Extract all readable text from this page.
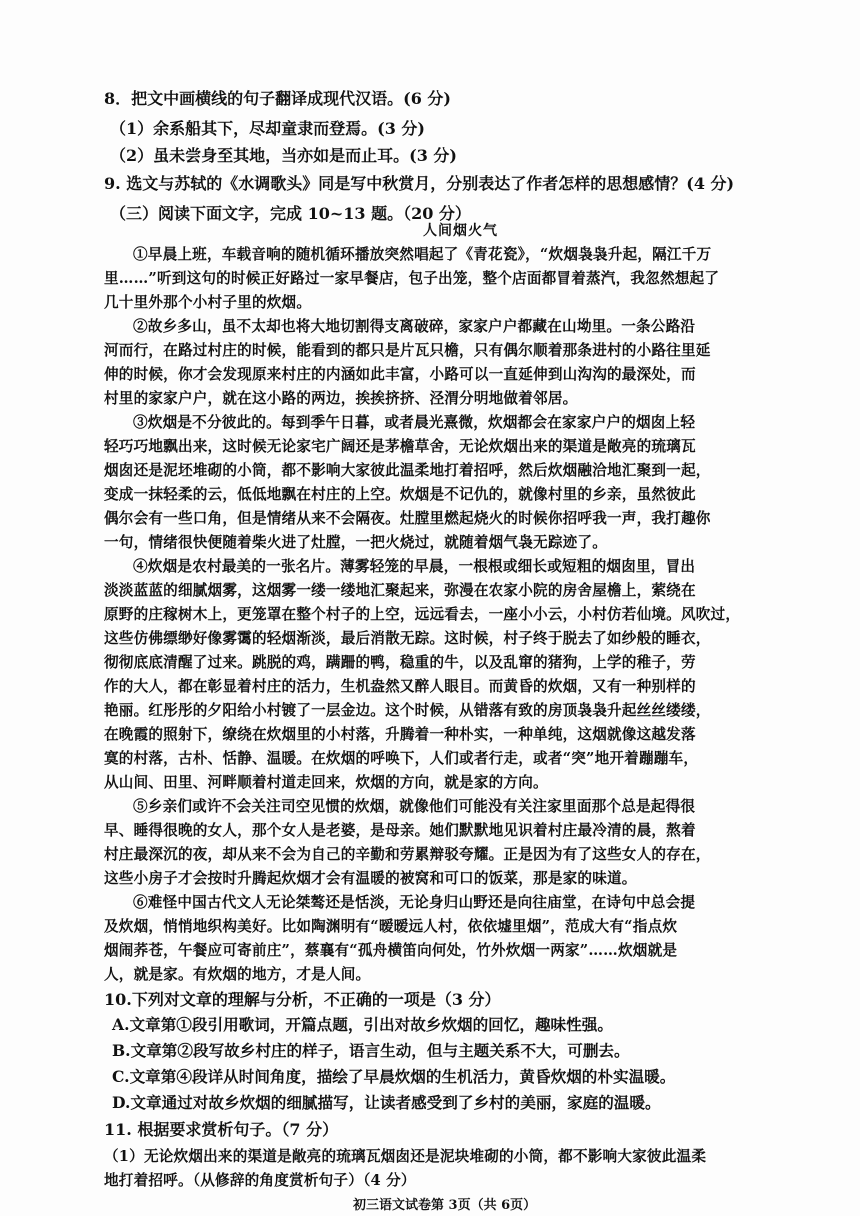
8．把文中画横线的句子翻译成现代汉语。(6 分)
（1）余系船其下，尽却童隶而登焉。(3 分)
（2）虽未尝身至其地，当亦如是而止耳。(3 分)
9. 选文与苏轼的《水调歌头》同是写中秋赏月，分别表达了作者怎样的思想感情？(4 分)
（三）阅读下面文字，完成 10~13 题。（20 分）
人间烟火气
①早晨上班，车载音响的随机循环播放突然唱起了《青花瓷》，“炊烟袅袅升起，隔江千万
里……”听到这句的时候正好路过一家早餐店，包子出笼，整个店面都冒着蒸汽，我忽然想起了
几十里外那个小村子里的炊烟。
②故乡多山，虽不太却也将大地切割得支离破碎，家家户户都藏在山坳里。一条公路沿
河而行，在路过村庄的时候，能看到的都只是片瓦只檐，只有偶尔顺着那条进村的小路往里延
伸的时候，你才会发现原来村庄的内涵如此丰富，小路可以一直延伸到山沟沟的最深处，而
村里的家家户户，就在这小路的两边，挨挨挤挤、泾渭分明地做着邻居。
③炊烟是不分彼此的。每到季午日暮，或者晨光熹微，炊烟都会在家家户户的烟囱上轻
轻巧巧地飘出来，这时候无论家宅广阔还是茅檐草舍，无论炊烟出来的渠道是敞亮的琉璃瓦
烟囱还是泥坯堆砌的小筒，都不影响大家彼此温柔地打着招呼，然后炊烟融洽地汇聚到一起，
变成一抹轻柔的云，低低地飘在村庄的上空。炊烟是不记仇的，就像村里的乡亲，虽然彼此
偶尔会有一些口角，但是情绪从来不会隔夜。灶膛里燃起烧火的时候你招呼我一声，我打趣你
一句，情绪很快便随着柴火进了灶膛，一把火烧过，就随着烟气袅无踪迹了。
④炊烟是农村最美的一张名片。薄雾轻笼的早晨，一根根或细长或短粗的烟囱里，冒出
淡淡蓝蓝的细腻烟雾，这烟雾一缕一缕地汇聚起来，弥漫在农家小院的房舍屋檐上，萦绕在
原野的庄稼树木上，更笼罩在整个村子的上空，远远看去，一座小小云，小村仿若仙境。风吹过，
这些仿佛缥缈好像雾霭的轻烟渐淡，最后消散无踪。这时候，村子终于脱去了如纱般的睡衣，
彻彻底底清醒了过来。跳脱的鸡，蹒跚的鸭，稳重的牛，以及乱窜的猪狗，上学的稚子，劳
作的大人，都在彰显着村庄的活力，生机盎然又醉人眼目。而黄昏的炊烟，又有一种别样的
艳丽。红彤彤的夕阳给小村镀了一层金边。这个时候，从错落有致的房顶袅袅升起丝丝缕缕，
在晚霞的照射下，缭绕在炊烟里的小村落，升腾着一种朴实，一种单纯，这烟就像这越发落
寞的村落，古朴、恬静、温暖。在炊烟的呼唤下，人们或者行走，或者“突”地开着蹦蹦车，
从山间、田里、河畔顺着村道走回来，炊烟的方向，就是家的方向。
⑤乡亲们或许不会关注司空见惯的炊烟，就像他们可能没有关注家里面那个总是起得很
早、睡得很晚的女人，那个女人是老婆，是母亲。她们默默地见识着村庄最冷清的晨，熬着
村庄最深沉的夜，却从来不会为自己的辛勤和劳累辩驳夸耀。正是因为有了这些女人的存在，
这些小房子才会按时升腾起炊烟才会有温暖的被窝和可口的饭菜，那是家的味道。
⑥难怪中国古代文人无论桀骜还是恬淡，无论身归山野还是向往庙堂，在诗句中总会提
及炊烟，悄悄地织构美好。比如陶渊明有“暧暧远人村，依依墟里烟”，范成大有“指点炊
烟闹荞苍，午餐应可寄前庄”，蔡襄有“孤舟横笛向何处，竹外炊烟一两家”……炊烟就是
人，就是家。有炊烟的地方，才是人间。
10.下列对文章的理解与分析，不正确的一项是（3 分）
A.文章第①段引用歌词，开篇点题，引出对故乡炊烟的回忆，趣味性强。
B.文章第②段写故乡村庄的样子，语言生动，但与主题关系不大，可删去。
C.文章第④段详从时间角度，描绘了早晨炊烟的生机活力，黄昏炊烟的朴实温暖。
D.文章通过对故乡炊烟的细腻描写，让读者感受到了乡村的美丽，家庭的温暖。
11. 根据要求赏析句子。（7 分）
（1）无论炊烟出来的渠道是敞亮的琉璃瓦烟囱还是泥块堆砌的小筒，都不影响大家彼此温柔
地打着招呼。（从修辞的角度赏析句子）（4 分）
初三语文试卷第 3页（共 6页）
